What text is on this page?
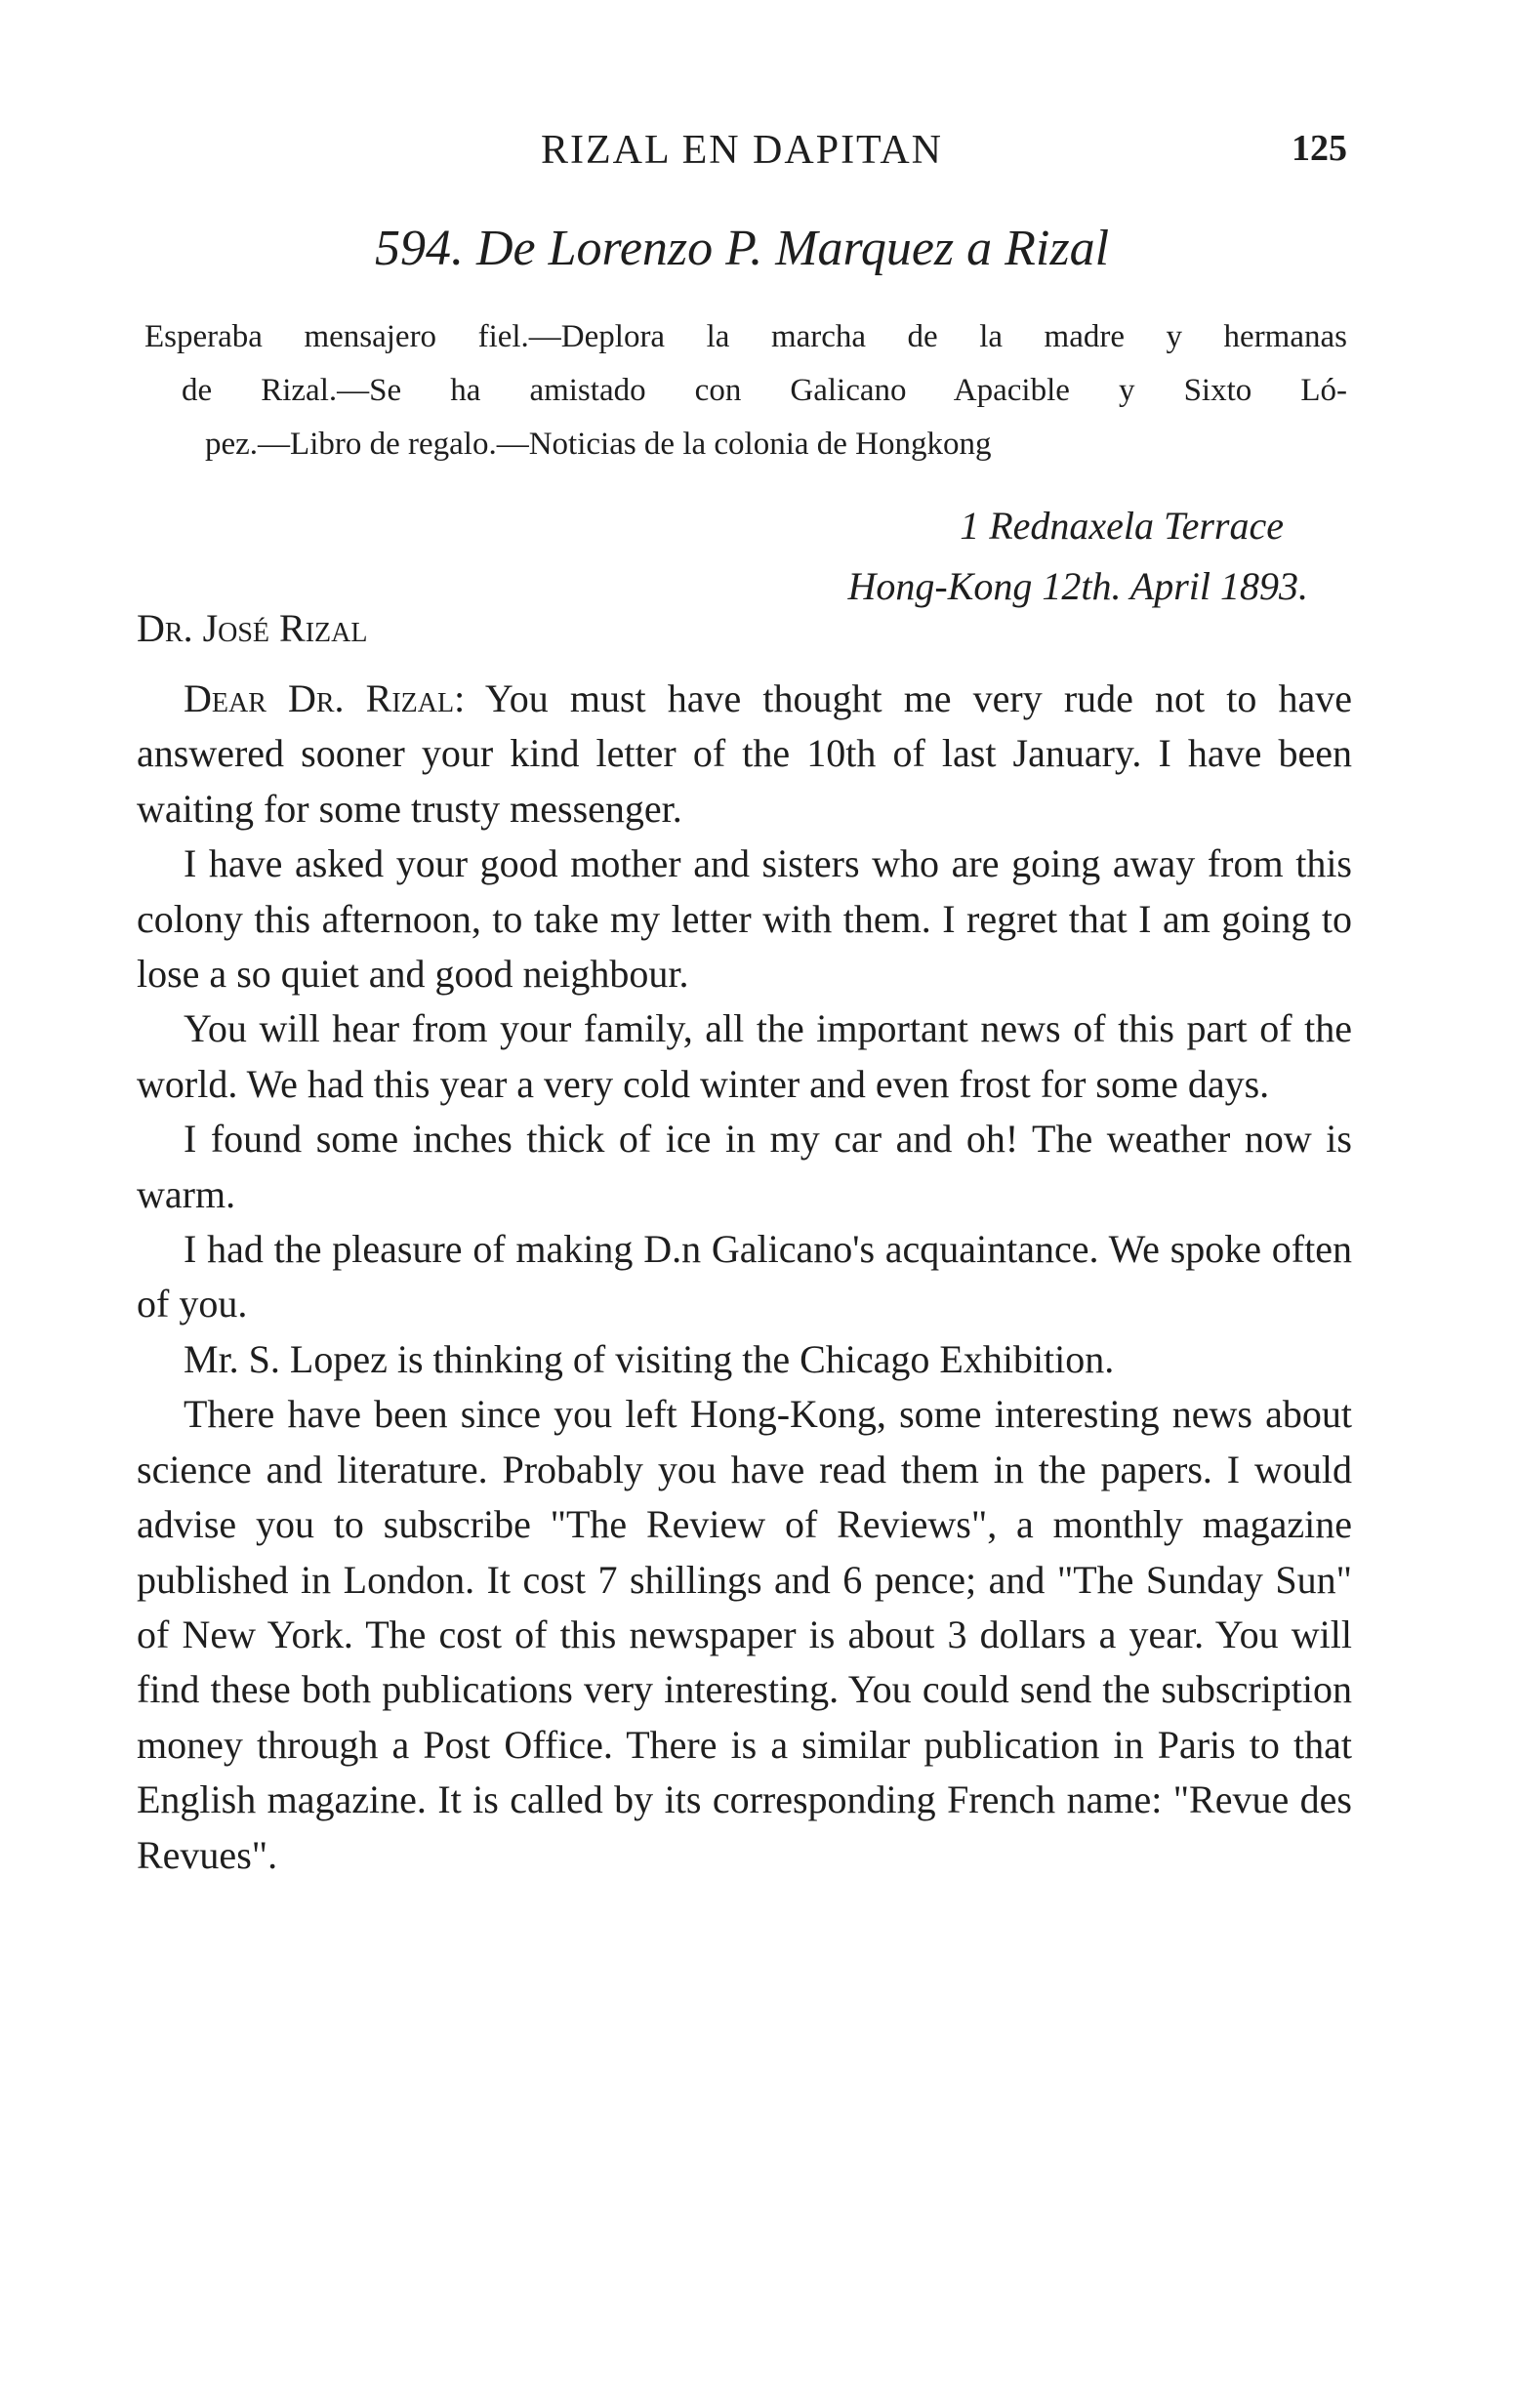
RIZAL EN DAPITAN	125
594. De Lorenzo P. Marquez a Rizal

Esperaba mensajero fiel.—Deplora la marcha de la madre y hermanas

de Rizal.—Se ha amistado con Galicano Apacible y Sixto Ló-

pez.—Libro de regalo.—Noticias de la colonia de Hongkong

1 Rednaxela Terrace
Hong-Kong 12th. April 1893.
Dr. José Rizal

Dear Dr. Rizal: You must have thought me very rude not to have answered sooner your kind letter of the 10th of last January. I have been waiting for some trusty messenger.

I have asked your good mother and sisters who are going away from this colony this afternoon, to take my letter with them. I regret that I am going to lose a so quiet and good neighbour.

You will hear from your family, all the important news of this part of the world. We had this year a very cold winter and even frost for some days.

I found some inches thick of ice in my car and oh! The weather now is warm.

I had the pleasure of making D.n Galicano's acquaintance. We spoke often of you.

Mr. S. Lopez is thinking of visiting the Chicago Exhibition.

There have been since you left Hong-Kong, some interesting news about science and literature. Probably you have read them in the papers. I would advise you to subscribe "The Review of Reviews", a monthly magazine published in London. It cost 7 shillings and 6 pence; and "The Sunday Sun" of New York. The cost of this newspaper is about 3 dollars a year. You will find these both publications very interesting. You could send the subscription money through a Post Office. There is a similar publication in Paris to that English magazine. It is called by its corresponding French name: "Revue des Revues".
